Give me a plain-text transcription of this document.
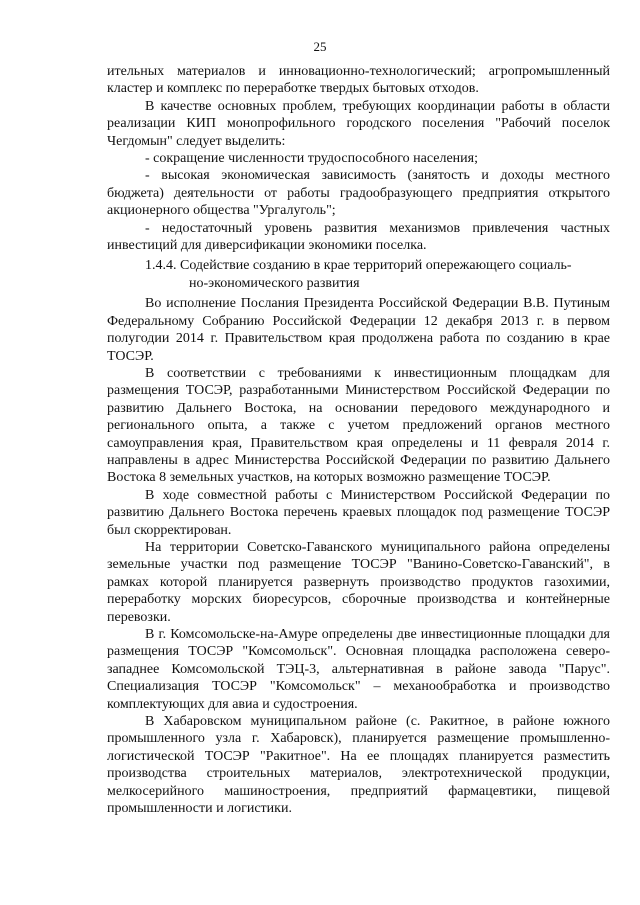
25

ительных материалов и инновационно-технологический; агропромышленный кластер и комплекс по переработке твердых бытовых отходов.

В качестве основных проблем, требующих координации работы в области реализации КИП монопрофильного городского поселения "Рабочий поселок Чегдомын" следует выделить:

- сокращение численности трудоспособного населения;

- высокая экономическая зависимость (занятость и доходы местного бюджета) деятельности от работы градообразующего предприятия открытого акционерного общества "Ургалуголь";

- недостаточный уровень развития механизмов привлечения частных инвестиций для диверсификации экономики поселка.

1.4.4. Содействие созданию в крае территорий опережающего социаль-
но-экономического развития

Во исполнение Послания Президента Российской Федерации В.В. Путиным Федеральному Собранию Российской Федерации 12 декабря 2013 г. в первом полугодии 2014 г. Правительством края продолжена работа по созданию в крае ТОСЭР.

В соответствии с требованиями к инвестиционным площадкам для размещения ТОСЭР, разработанными Министерством Российской Федерации по развитию Дальнего Востока, на основании передового международного и регионального опыта, а также с учетом предложений органов местного самоуправления края, Правительством края определены и 11 февраля 2014 г. направлены в адрес Министерства Российской Федерации по развитию Дальнего Востока 8 земельных участков, на которых возможно размещение ТОСЭР.

В ходе совместной работы с Министерством Российской Федерации по развитию Дальнего Востока перечень краевых площадок под размещение ТОСЭР был скорректирован.

На территории Советско-Гаванского муниципального района определены земельные участки под размещение ТОСЭР "Ванино-Советско-Гаванский", в рамках которой планируется развернуть производство продуктов газохимии, переработку морских биоресурсов, сборочные производства и контейнерные перевозки.

В г. Комсомольске-на-Амуре определены две инвестиционные площадки для размещения ТОСЭР "Комсомольск". Основная площадка расположена северо-западнее Комсомольской ТЭЦ-3, альтернативная в районе завода "Парус". Специализация ТОСЭР "Комсомольск" – механообработка и производство комплектующих для авиа и судостроения.

В Хабаровском муниципальном районе (с. Ракитное, в районе южного промышленного узла г. Хабаровск), планируется размещение промышленно-логистической ТОСЭР "Ракитное". На ее площадях планируется разместить производства строительных материалов, электротехнической продукции, мелкосерийного машиностроения, предприятий фармацевтики, пищевой промышленности и логистики.
